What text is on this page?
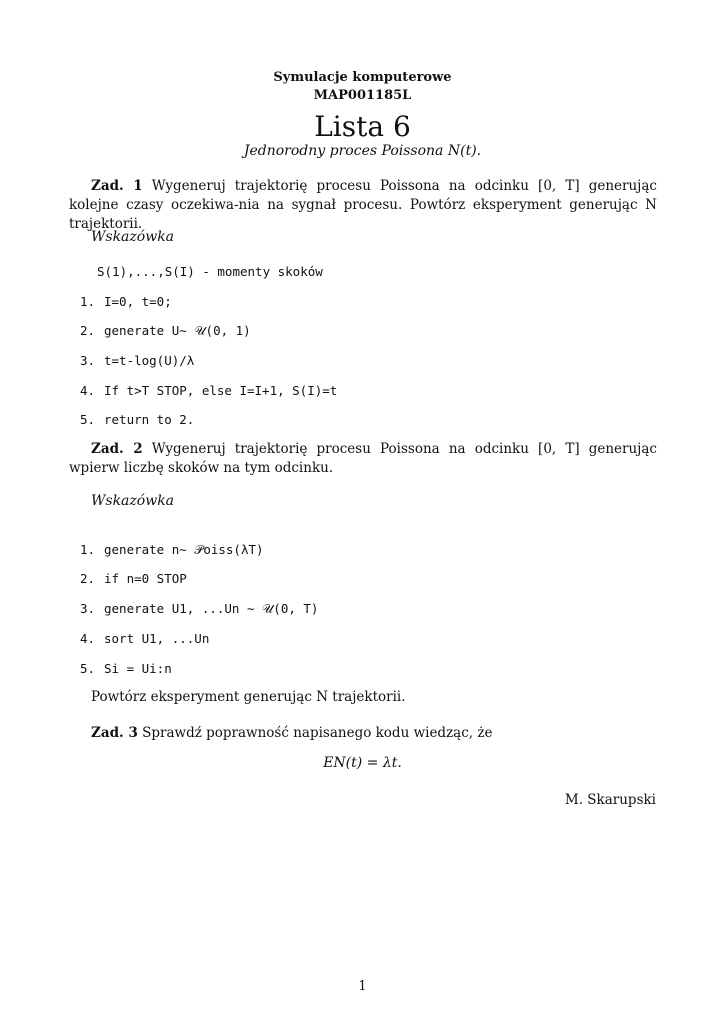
Symulacje komputerowe
MAP001185L
Lista 6
Jednorodny proces Poissona N(t).
Zad. 1 Wygeneruj trajektorię procesu Poissona na odcinku [0, T] generując kolejne czasy oczekiwa-nia na sygnał procesu. Powtórz eksperyment generując N trajektorii.
Wskazówka
S(1),...,S(I) - momenty skoków
1. I=0, t=0;
2. generate U∼ 𝒰(0, 1)
3. t=t-log(U)/λ
4. If t>T STOP, else I=I+1, S(I)=t
5. return to 2.
Zad. 2 Wygeneruj trajektorię procesu Poissona na odcinku [0, T] generując wpierw liczbę skoków na tym odcinku.
Wskazówka
1. generate n∼ 𝒫oiss(λT)
2. if n=0 STOP
3. generate U1, ...Un ∼ 𝒰(0, T)
4. sort U1, ...Un
5. Si = Ui:n
Powtórz eksperyment generując N trajektorii.
Zad. 3 Sprawdź poprawność napisanego kodu wiedząc, że
EN(t) = λt.
M. Skarupski
1
